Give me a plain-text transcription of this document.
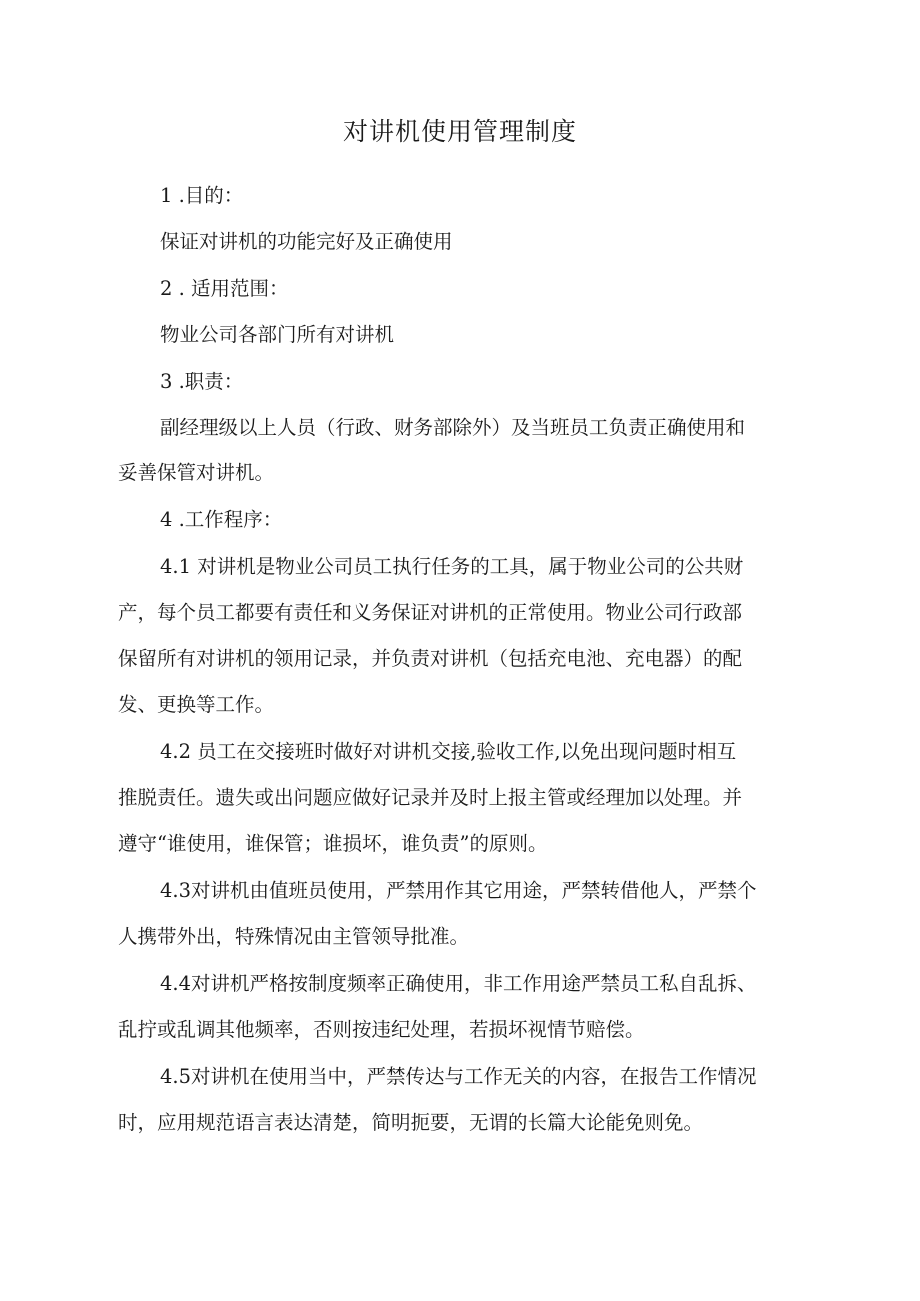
对讲机使用管理制度
1 .目的：
保证对讲机的功能完好及正确使用
2 . 适用范围：
物业公司各部门所有对讲机
3 .职责：
副经理级以上人员（行政、财务部除外）及当班员工负责正确使用和
妥善保管对讲机。
4 .工作程序：
4.1 对讲机是物业公司员工执行任务的工具，属于物业公司的公共财
产，每个员工都要有责任和义务保证对讲机的正常使用。物业公司行政部
保留所有对讲机的领用记录，并负责对讲机（包括充电池、充电器）的配
发、更换等工作。
4.2 员工在交接班时做好对讲机交接,验收工作,以免出现问题时相互
推脱责任。遗失或出问题应做好记录并及时上报主管或经理加以处理。并
遵守“谁使用，谁保管；谁损坏，谁负责”的原则。
4.3对讲机由值班员使用，严禁用作其它用途，严禁转借他人，严禁个
人携带外出，特殊情况由主管领导批准。
4.4对讲机严格按制度频率正确使用，非工作用途严禁员工私自乱拆、
乱拧或乱调其他频率，否则按违纪处理，若损坏视情节赔偿。
4.5对讲机在使用当中，严禁传达与工作无关的内容，在报告工作情况
时，应用规范语言表达清楚，简明扼要，无谓的长篇大论能免则免。
